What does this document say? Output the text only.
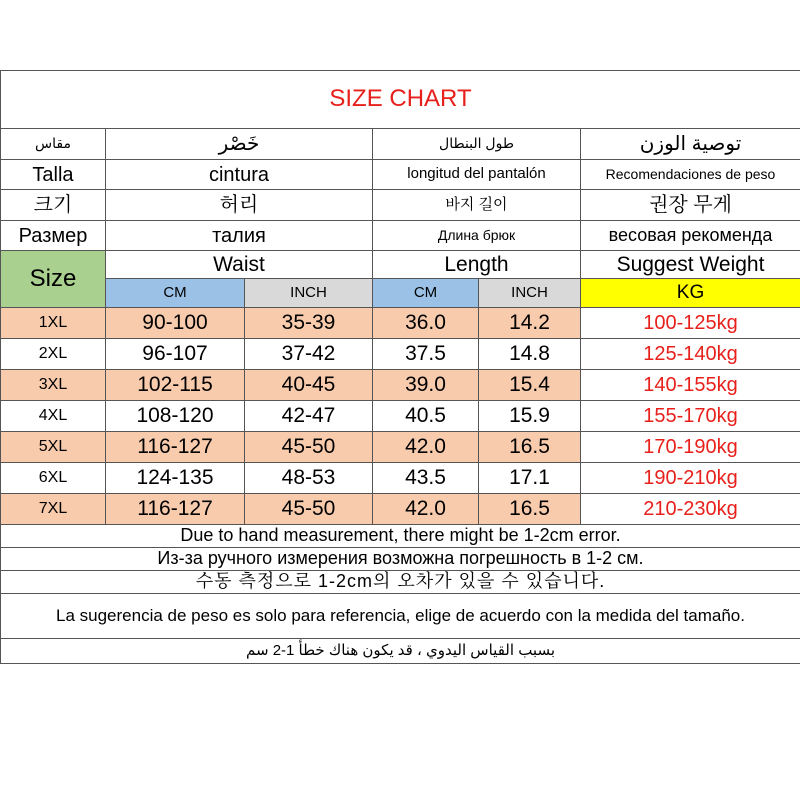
SIZE CHART					
مقاس	خَصْر		طول البنطال		توصية الوزن
Talla	cintura		longitud del pantalón		Recomendaciones de peso
크기	허리		바지 길이		권장 무게
Размер	талия		Длина брюк		весовая рекоменда
Size	Waist		Length		Suggest Weight
	CM	INCH	CM	INCH	KG
1XL	90-100	35-39	36.0	14.2	100-125kg
2XL	96-107	37-42	37.5	14.8	125-140kg
3XL	102-115	40-45	39.0	15.4	140-155kg
4XL	108-120	42-47	40.5	15.9	155-170kg
5XL	116-127	45-50	42.0	16.5	170-190kg
6XL	124-135	48-53	43.5	17.1	190-210kg
7XL	116-127	45-50	42.0	16.5	210-230kg
Due to hand measurement, there might be 1-2cm error.					
Из-за ручного измерения возможна погрешность в 1-2 см.					
수동 측정으로 1-2cm의 오차가 있을 수 있습니다.					
La sugerencia de peso es solo para referencia, elige de acuerdo con la medida del tamaño.					
بسبب القياس اليدوي ، قد يكون هناك خطأ 1-2 سم					
